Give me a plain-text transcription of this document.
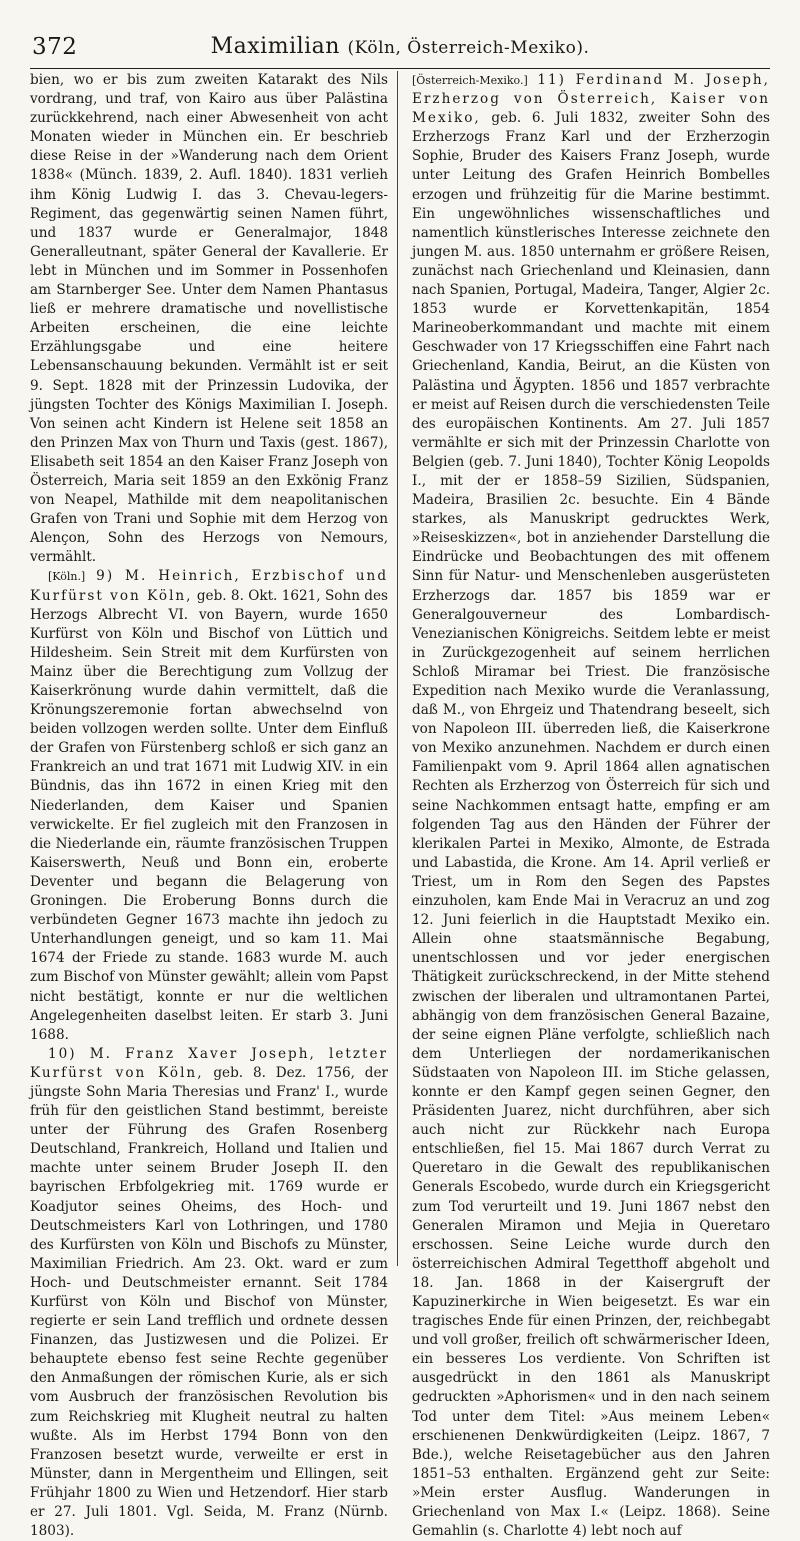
372	Maximilian (Köln, Österreich-Mexiko).

bien, wo er bis zum zweiten Katarakt des Nils vordrang, und traf, von Kairo aus über Palästina zurückkehrend, nach einer Abwesenheit von acht Monaten wieder in München ein. Er beschrieb diese Reise in der »Wanderung nach dem Orient 1838« (Münch. 1839, 2. Aufl. 1840). 1831 verlieh ihm König Ludwig I. das 3. Chevau-legers-Regiment, das gegenwärtig seinen Namen führt, und 1837 wurde er Generalmajor, 1848 Generalleutnant, später General der Kavallerie. Er lebt in München und im Sommer in Possenhofen am Starnberger See. Unter dem Namen Phantasus ließ er mehrere dramatische und novellistische Arbeiten erscheinen, die eine leichte Erzählungsgabe und eine heitere Lebensanschauung bekunden. Vermählt ist er seit 9. Sept. 1828 mit der Prinzessin Ludovika, der jüngsten Tochter des Königs Maximilian I. Joseph. Von seinen acht Kindern ist Helene seit 1858 an den Prinzen Max von Thurn und Taxis (gest. 1867), Elisabeth seit 1854 an den Kaiser Franz Joseph von Österreich, Maria seit 1859 an den Exkönig Franz von Neapel, Mathilde mit dem neapolitanischen Grafen von Trani und Sophie mit dem Herzog von Alençon, Sohn des Herzogs von Nemours, vermählt.

[Köln.] 9) M. Heinrich, Erzbischof und Kurfürst von Köln, geb. 8. Okt. 1621, Sohn des Herzogs Albrecht VI. von Bayern, wurde 1650 Kurfürst von Köln und Bischof von Lüttich und Hildesheim. Sein Streit mit dem Kurfürsten von Mainz über die Berechtigung zum Vollzug der Kaiserkrönung wurde dahin vermittelt, daß die Krönungszeremonie fortan abwechselnd von beiden vollzogen werden sollte. Unter dem Einfluß der Grafen von Fürstenberg schloß er sich ganz an Frankreich an und trat 1671 mit Ludwig XIV. in ein Bündnis, das ihn 1672 in einen Krieg mit den Niederlanden, dem Kaiser und Spanien verwickelte. Er fiel zugleich mit den Franzosen in die Niederlande ein, räumte französischen Truppen Kaiserswerth, Neuß und Bonn ein, eroberte Deventer und begann die Belagerung von Groningen. Die Eroberung Bonns durch die verbündeten Gegner 1673 machte ihn jedoch zu Unterhandlungen geneigt, und so kam 11. Mai 1674 der Friede zu stande. 1683 wurde M. auch zum Bischof von Münster gewählt; allein vom Papst nicht bestätigt, konnte er nur die weltlichen Angelegenheiten daselbst leiten. Er starb 3. Juni 1688.

10) M. Franz Xaver Joseph, letzter Kurfürst von Köln, geb. 8. Dez. 1756, der jüngste Sohn Maria Theresias und Franz' I., wurde früh für den geistlichen Stand bestimmt, bereiste unter der Führung des Grafen Rosenberg Deutschland, Frankreich, Holland und Italien und machte unter seinem Bruder Joseph II. den bayrischen Erbfolgekrieg mit. 1769 wurde er Koadjutor seines Oheims, des Hoch- und Deutschmeisters Karl von Lothringen, und 1780 des Kurfürsten von Köln und Bischofs zu Münster, Maximilian Friedrich. Am 23. Okt. ward er zum Hoch- und Deutschmeister ernannt. Seit 1784 Kurfürst von Köln und Bischof von Münster, regierte er sein Land trefflich und ordnete dessen Finanzen, das Justizwesen und die Polizei. Er behauptete ebenso fest seine Rechte gegenüber den Anmaßungen der römischen Kurie, als er sich vom Ausbruch der französischen Revolution bis zum Reichskrieg mit Klugheit neutral zu halten wußte. Als im Herbst 1794 Bonn von den Franzosen besetzt wurde, verweilte er erst in Münster, dann in Mergentheim und Ellingen, seit Frühjahr 1800 zu Wien und Hetzendorf. Hier starb er 27. Juli 1801. Vgl. Seida, M. Franz (Nürnb. 1803).

[Österreich-Mexiko.] 11) Ferdinand M. Joseph, Erzherzog von Österreich, Kaiser von Mexiko, geb. 6. Juli 1832, zweiter Sohn des Erzherzogs Franz Karl und der Erzherzogin Sophie, Bruder des Kaisers Franz Joseph, wurde unter Leitung des Grafen Heinrich Bombelles erzogen und frühzeitig für die Marine bestimmt. Ein ungewöhnliches wissenschaftliches und namentlich künstlerisches Interesse zeichnete den jungen M. aus. 1850 unternahm er größere Reisen, zunächst nach Griechenland und Kleinasien, dann nach Spanien, Portugal, Madeira, Tanger, Algier 2c. 1853 wurde er Korvettenkapitän, 1854 Marineoberkommandant und machte mit einem Geschwader von 17 Kriegsschiffen eine Fahrt nach Griechenland, Kandia, Beirut, an die Küsten von Palästina und Ägypten. 1856 und 1857 verbrachte er meist auf Reisen durch die verschiedensten Teile des europäischen Kontinents. Am 27. Juli 1857 vermählte er sich mit der Prinzessin Charlotte von Belgien (geb. 7. Juni 1840), Tochter König Leopolds I., mit der er 1858–59 Sizilien, Südspanien, Madeira, Brasilien 2c. besuchte. Ein 4 Bände starkes, als Manuskript gedrucktes Werk, »Reiseskizzen«, bot in anziehender Darstellung die Eindrücke und Beobachtungen des mit offenem Sinn für Natur- und Menschenleben ausgerüsteten Erzherzogs dar. 1857 bis 1859 war er Generalgouverneur des Lombardisch-Venezianischen Königreichs. Seitdem lebte er meist in Zurückgezogenheit auf seinem herrlichen Schloß Miramar bei Triest. Die französische Expedition nach Mexiko wurde die Veranlassung, daß M., von Ehrgeiz und Thatendrang beseelt, sich von Napoleon III. überreden ließ, die Kaiserkrone von Mexiko anzunehmen. Nachdem er durch einen Familienpakt vom 9. April 1864 allen agnatischen Rechten als Erzherzog von Österreich für sich und seine Nachkommen entsagt hatte, empfing er am folgenden Tag aus den Händen der Führer der klerikalen Partei in Mexiko, Almonte, de Estrada und Labastida, die Krone. Am 14. April verließ er Triest, um in Rom den Segen des Papstes einzuholen, kam Ende Mai in Veracruz an und zog 12. Juni feierlich in die Hauptstadt Mexiko ein. Allein ohne staatsmännische Begabung, unentschlossen und vor jeder energischen Thätigkeit zurückschreckend, in der Mitte stehend zwischen der liberalen und ultramontanen Partei, abhängig von dem französischen General Bazaine, der seine eignen Pläne verfolgte, schließlich nach dem Unterliegen der nordamerikanischen Südstaaten von Napoleon III. im Stiche gelassen, konnte er den Kampf gegen seinen Gegner, den Präsidenten Juarez, nicht durchführen, aber sich auch nicht zur Rückkehr nach Europa entschließen, fiel 15. Mai 1867 durch Verrat zu Queretaro in die Gewalt des republikanischen Generals Escobedo, wurde durch ein Kriegsgericht zum Tod verurteilt und 19. Juni 1867 nebst den Generalen Miramon und Mejia in Queretaro erschossen. Seine Leiche wurde durch den österreichischen Admiral Tegetthoff abgeholt und 18. Jan. 1868 in der Kaisergruft der Kapuzinerkirche in Wien beigesetzt. Es war ein tragisches Ende für einen Prinzen, der, reichbegabt und voll großer, freilich oft schwärmerischer Ideen, ein besseres Los verdiente. Von Schriften ist ausgedrückt in den 1861 als Manuskript gedruckten »Aphorismen« und in den nach seinem Tod unter dem Titel: »Aus meinem Leben« erschienenen Denkwürdigkeiten (Leipz. 1867, 7 Bde.), welche Reisetagebücher aus den Jahren 1851–53 enthalten. Ergänzend geht zur Seite: »Mein erster Ausflug. Wanderungen in Griechenland von Max I.« (Leipz. 1868). Seine Gemahlin (s. Charlotte 4) lebt noch auf
